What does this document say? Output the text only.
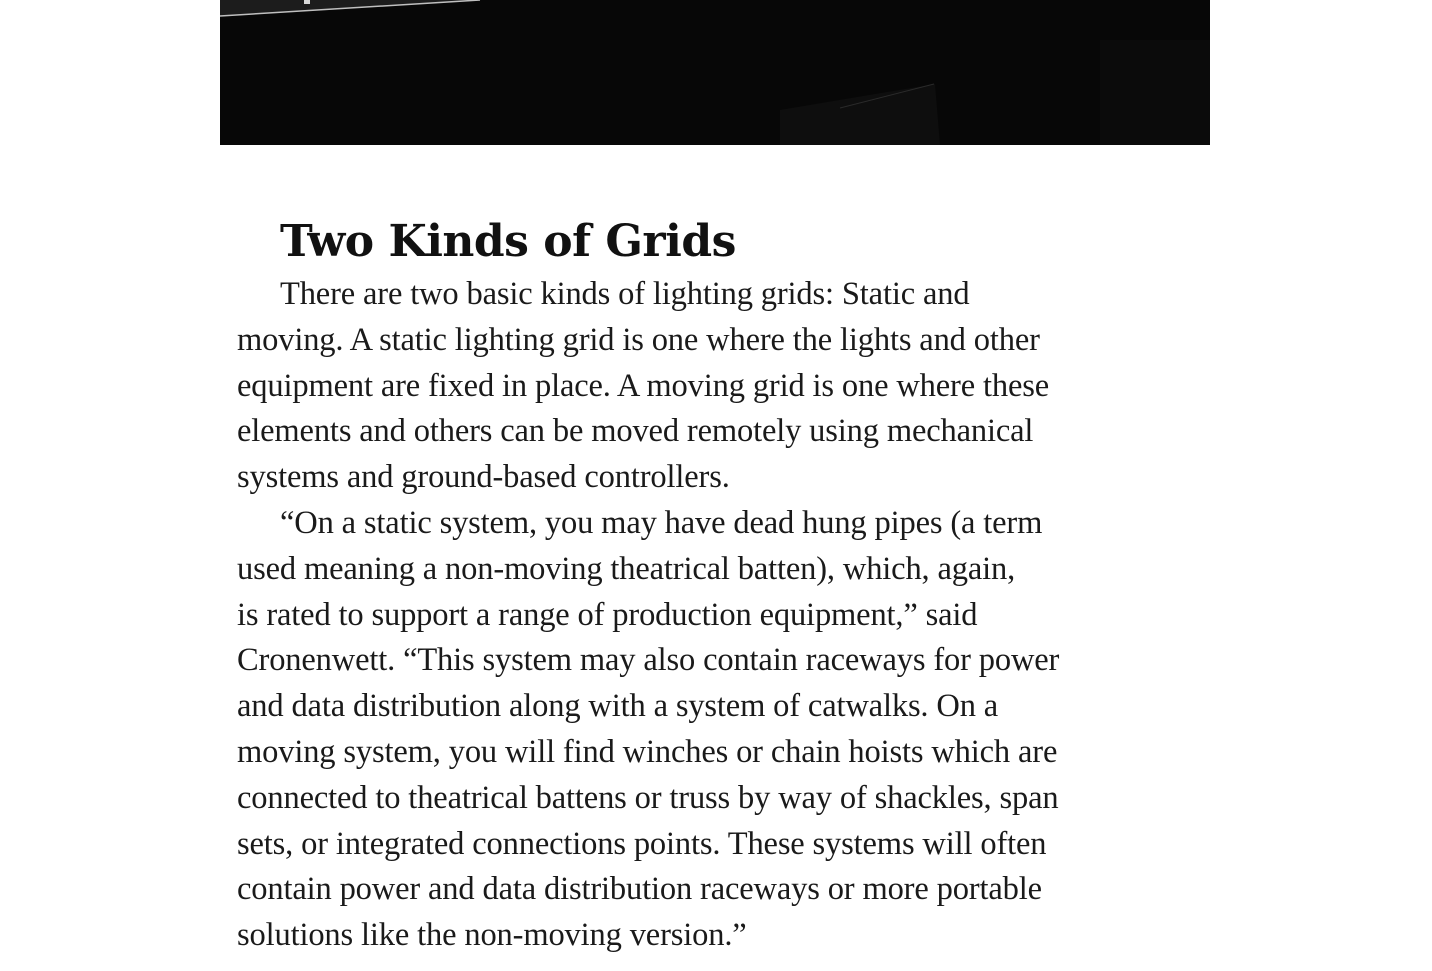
Two Kinds of Grids

There are two basic kinds of lighting grids: Static and
moving. A static lighting grid is one where the lights and other
equipment are fixed in place. A moving grid is one where these
elements and others can be moved remotely using mechanical
systems and ground-based controllers.

“On a static system, you may have dead hung pipes (a term
used meaning a non-moving theatrical batten), which, again,
is rated to support a range of production equipment,” said
Cronenwett. “This system may also contain raceways for power
and data distribution along with a system of catwalks. On a
moving system, you will find winches or chain hoists which are
connected to theatrical battens or truss by way of shackles, span
sets, or integrated connections points. These systems will often
contain power and data distribution raceways or more portable
solutions like the non-moving version.”
